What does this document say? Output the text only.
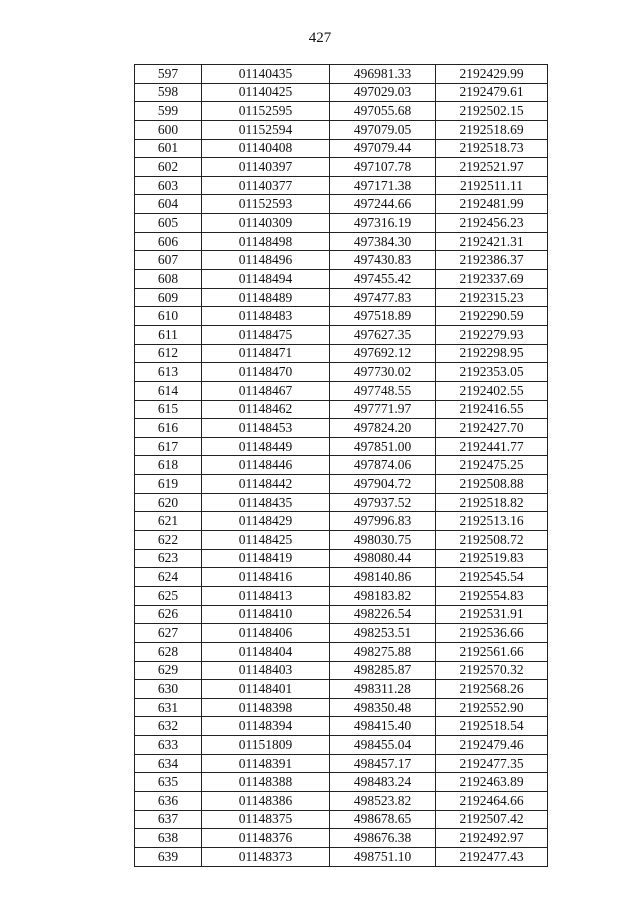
427
597	01140435	496981.33	2192429.99
598	01140425	497029.03	2192479.61
599	01152595	497055.68	2192502.15
600	01152594	497079.05	2192518.69
601	01140408	497079.44	2192518.73
602	01140397	497107.78	2192521.97
603	01140377	497171.38	2192511.11
604	01152593	497244.66	2192481.99
605	01140309	497316.19	2192456.23
606	01148498	497384.30	2192421.31
607	01148496	497430.83	2192386.37
608	01148494	497455.42	2192337.69
609	01148489	497477.83	2192315.23
610	01148483	497518.89	2192290.59
611	01148475	497627.35	2192279.93
612	01148471	497692.12	2192298.95
613	01148470	497730.02	2192353.05
614	01148467	497748.55	2192402.55
615	01148462	497771.97	2192416.55
616	01148453	497824.20	2192427.70
617	01148449	497851.00	2192441.77
618	01148446	497874.06	2192475.25
619	01148442	497904.72	2192508.88
620	01148435	497937.52	2192518.82
621	01148429	497996.83	2192513.16
622	01148425	498030.75	2192508.72
623	01148419	498080.44	2192519.83
624	01148416	498140.86	2192545.54
625	01148413	498183.82	2192554.83
626	01148410	498226.54	2192531.91
627	01148406	498253.51	2192536.66
628	01148404	498275.88	2192561.66
629	01148403	498285.87	2192570.32
630	01148401	498311.28	2192568.26
631	01148398	498350.48	2192552.90
632	01148394	498415.40	2192518.54
633	01151809	498455.04	2192479.46
634	01148391	498457.17	2192477.35
635	01148388	498483.24	2192463.89
636	01148386	498523.82	2192464.66
637	01148375	498678.65	2192507.42
638	01148376	498676.38	2192492.97
639	01148373	498751.10	2192477.43
